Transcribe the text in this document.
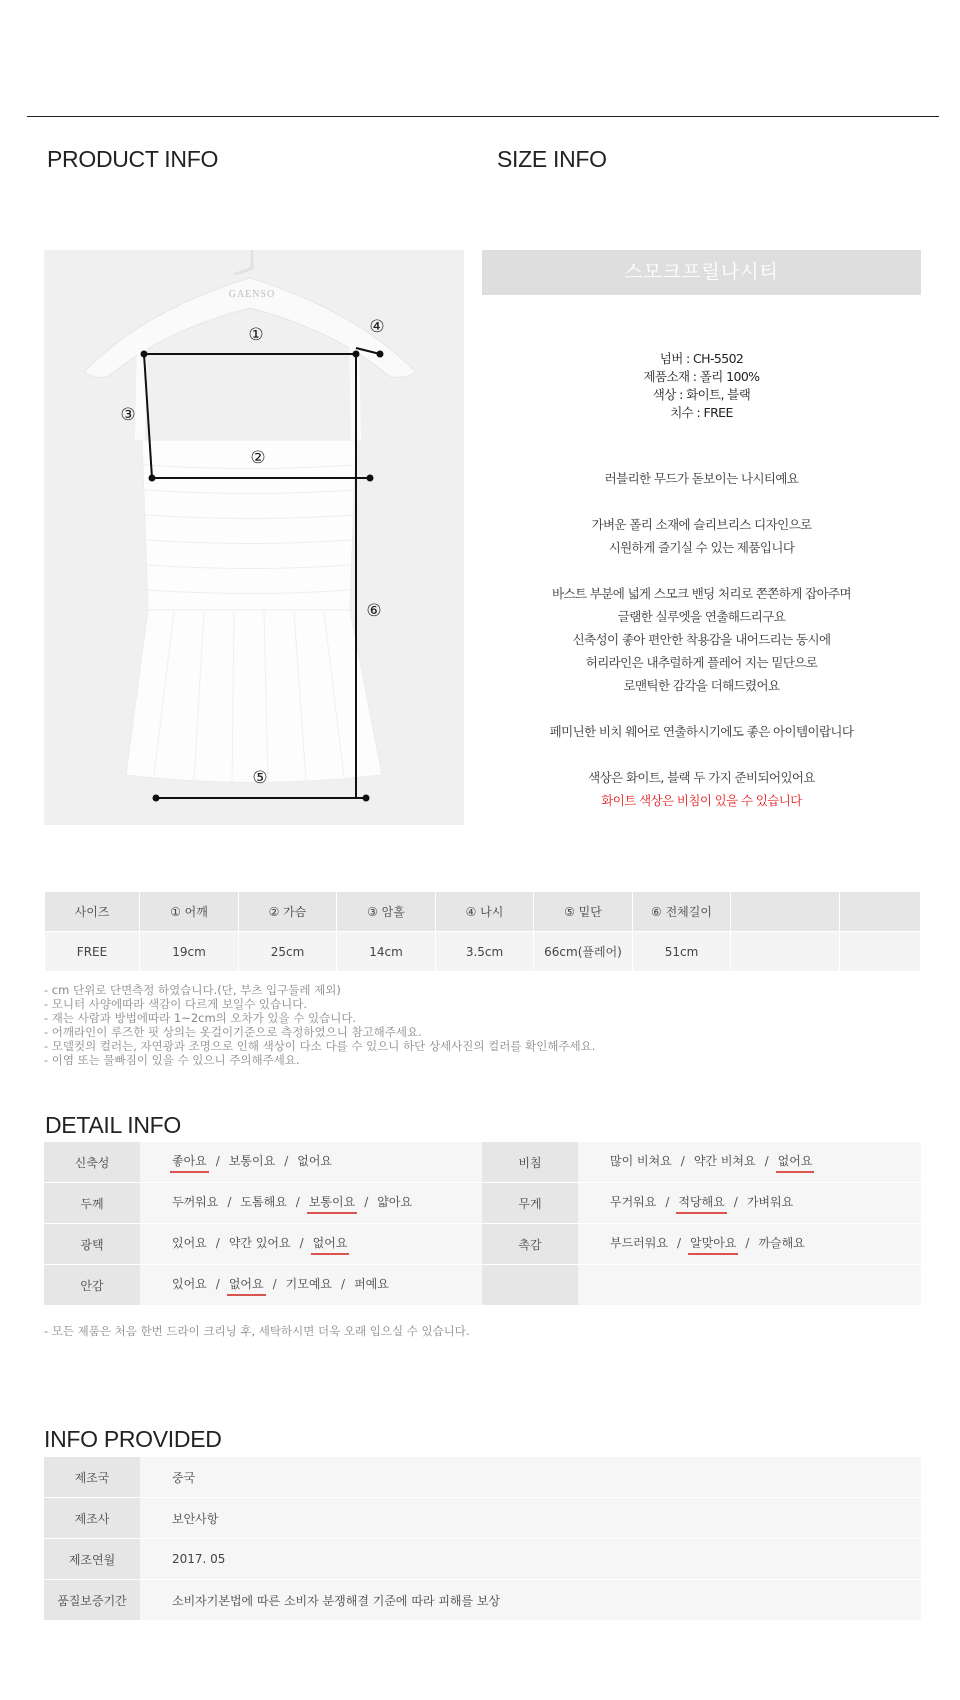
PRODUCT INFO	SIZE INFO
GAENSO
①
②
③
④
⑤
⑥
스모크프릴나시티
넘버 : CH-5502
제품소재 : 폴리 100%
색상 : 화이트, 블랙
치수 : FREE

러블리한 무드가 돋보이는 나시티예요

가벼운 폴리 소재에 슬리브리스 디자인으로

시원하게 즐기실 수 있는 제품입니다

바스트 부분에 넓게 스모크 밴딩 처리로 쫀쫀하게 잡아주며

글램한 실루엣을 연출해드리구요

신축성이 좋아 편안한 착용감을 내어드리는 동시에

허리라인은 내추럴하게 플레어 지는 밑단으로

로맨틱한 감각을 더해드렸어요

페미닌한 비치 웨어로 연출하시기에도 좋은 아이템이랍니다

색상은 화이트, 블랙 두 가지 준비되어있어요

화이트 색상은 비침이 있을 수 있습니다

사이즈	① 어깨	② 가슴	③ 암홀	④ 나시	⑤ 밑단	⑥ 전체길이		
FREE	19cm	25cm	14cm	3.5cm	66cm(플레어)	51cm		
- cm 단위로 단면측정 하였습니다.(단, 부츠 입구둘레 제외)
- 모니터 사양에따라 색감이 다르게 보일수 있습니다.
- 재는 사람과 방법에따라 1~2cm의 오차가 있을 수 있습니다.
- 어깨라인이 루즈한 핏 상의는 옷걸이기준으로 측정하였으니 참고해주세요.
- 모델컷의 컬러는, 자연광과 조명으로 인해 색상이 다소 다를 수 있으니 하단 상세사진의 컬러를 확인해주세요.
- 이염 또는 물빠짐이 있을 수 있으니 주의해주세요.
DETAIL INFO
신축성	좋아요 / 보통이요 / 없어요	비침	많이 비쳐요 / 약간 비쳐요 / 없어요
두께	두꺼워요 / 도톰해요 / 보통이요 / 얇아요	무게	무거워요 / 적당해요 / 가벼워요
광택	있어요 / 약간 있어요 / 없어요	촉감	부드러워요 / 알맞아요 / 까슬해요
안감	있어요 / 없어요 / 기모예요 / 퍼예요		
- 모든 제품은 처음 한번 드라이 크리닝 후, 세탁하시면 더욱 오래 입으실 수 있습니다.
INFO PROVIDED
제조국	중국
제조사	보안사항
제조연월	2017. 05
품질보증기간	소비자기본법에 따른 소비자 분쟁해결 기준에 따라 피해를 보상
